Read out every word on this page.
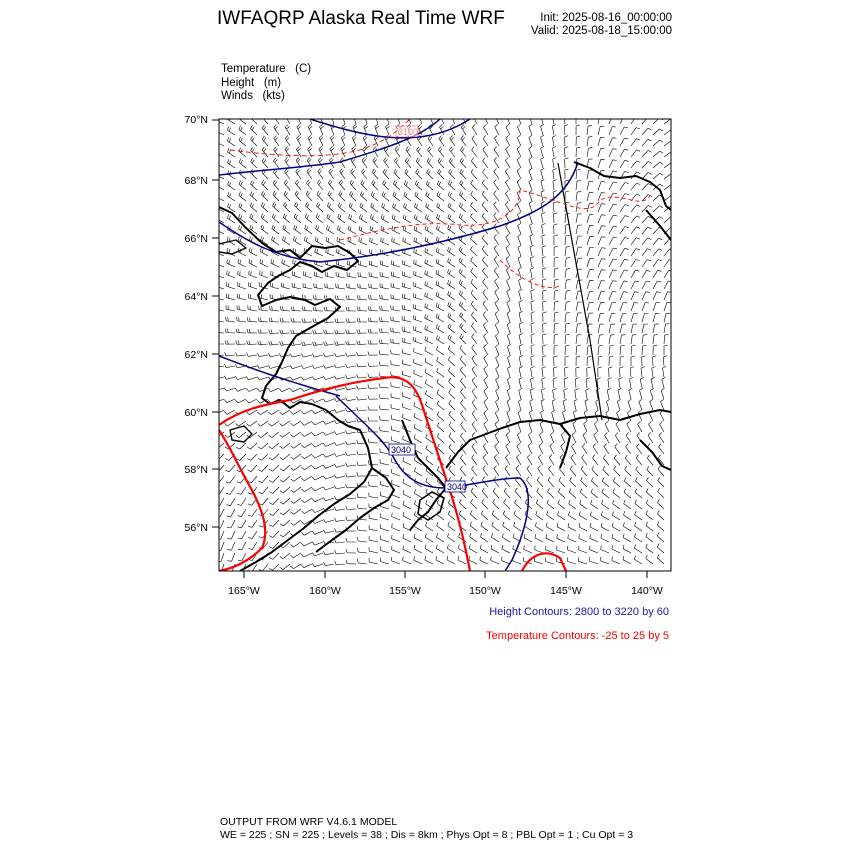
IWFAQRP Alaska Real Time WRF	Init: 2025-08-16_00:00:00
Valid: 2025-08-18_15:00:00
Temperature   (C)
Height   (m)
Winds   (kts)
3040
3040
3100
70°N
68°N
66°N
64°N
62°N
60°N
58°N
56°N
165°W	160°W	155°W	150°W	145°W	140°W
Height Contours: 2800 to 3220 by 60
Temperature Contours: -25 to 25 by 5
OUTPUT FROM WRF V4.6.1 MODEL
WE = 225 ; SN = 225 ; Levels = 38 ; Dis = 8km ; Phys Opt = 8 ; PBL Opt = 1 ; Cu Opt = 3
